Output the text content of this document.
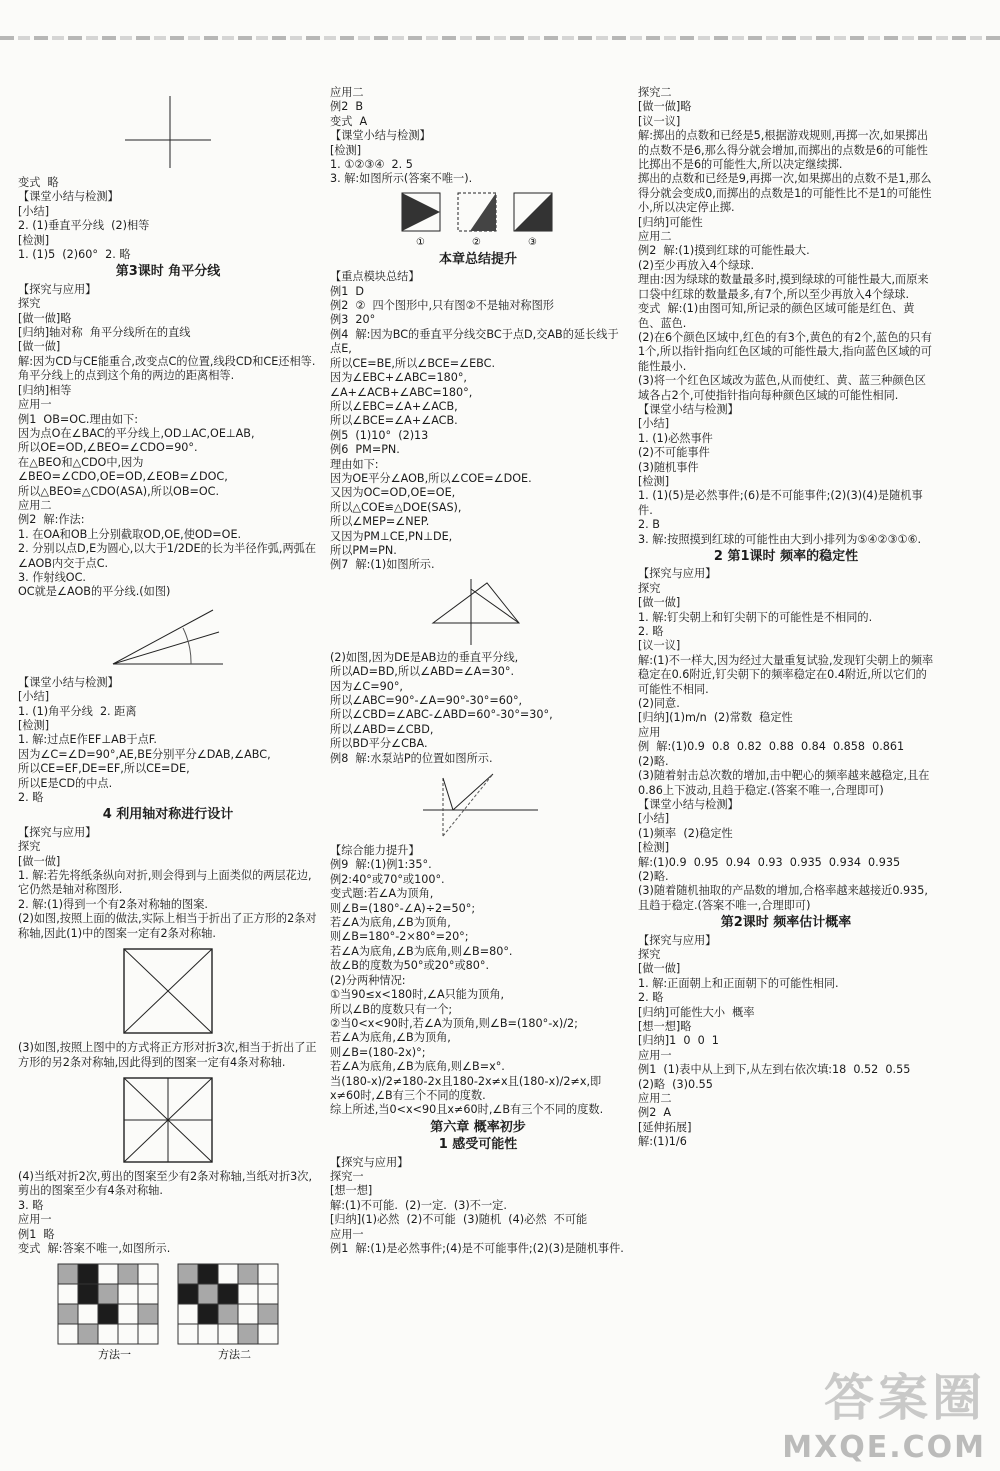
变式  略
【课堂小结与检测】
[小结]
2. (1)垂直平分线  (2)相等
[检测]
1. (1)5  (2)60°  2. 略
第3课时 角平分线
【探究与应用】
探究
[做一做]略
[归纳]轴对称  角平分线所在的直线
[做一做]
解:因为CD与CE能重合,改变点C的位置,线段CD和CE还相等.
角平分线上的点到这个角的两边的距离相等.
[归纳]相等
应用一
例1  OB=OC.理由如下:
因为点O在∠BAC的平分线上,OD⊥AC,OE⊥AB,
所以OE=OD,∠BEO=∠CDO=90°.
在△BEO和△CDO中,因为∠BEO=∠CDO,OE=OD,∠EOB=∠DOC,
所以△BEO≌△CDO(ASA),所以OB=OC.
应用二
例2  解:作法:
1. 在OA和OB上分别截取OD,OE,使OD=OE.
2. 分别以点D,E为圆心,以大于1/2DE的长为半径作弧,两弧在∠AOB内交于点C.
3. 作射线OC.
OC就是∠AOB的平分线.(如图)
【课堂小结与检测】
[小结]
1. (1)角平分线  2. 距离
[检测]
1. 解:过点E作EF⊥AB于点F.
因为∠C=∠D=90°,AE,BE分别平分∠DAB,∠ABC,
所以CE=EF,DE=EF,所以CE=DE,
所以E是CD的中点.
2. 略
4 利用轴对称进行设计
【探究与应用】
探究
[做一做]
1. 解:若先将纸条纵向对折,则会得到与上面类似的两层花边,它仍然是轴对称图形.
2. 解:(1)得到一个有2条对称轴的图案.
(2)如图,按照上面的做法,实际上相当于折出了正方形的2条对称轴,因此(1)中的图案一定有2条对称轴.
(3)如图,按照上图中的方式将正方形对折3次,相当于折出了正方形的另2条对称轴,因此得到的图案一定有4条对称轴.
(4)当纸对折2次,剪出的图案至少有2条对称轴,当纸对折3次,剪出的图案至少有4条对称轴.
3. 略
应用一
例1  略
变式  解:答案不唯一,如图所示.
方法一	方法二
应用二
例2  B
变式  A
【课堂小结与检测】
[检测]
1. ①②③④  2. 5
3. 解:如图所示(答案不唯一).
①	②	③
本章总结提升
【重点模块总结】
例1  D
例2  ②  四个图形中,只有图②不是轴对称图形
例3  20°
例4  解:因为BC的垂直平分线交BC于点D,交AB的延长线于点E,
所以CE=BE,所以∠BCE=∠EBC.
因为∠EBC+∠ABC=180°,
∠A+∠ACB+∠ABC=180°,
所以∠EBC=∠A+∠ACB,
所以∠BCE=∠A+∠ACB.
例5  (1)10°  (2)13
例6  PM=PN.
理由如下:
因为OE平分∠AOB,所以∠COE=∠DOE.
又因为OC=OD,OE=OE,
所以△COE≌△DOE(SAS),
所以∠MEP=∠NEP.
又因为PM⊥CE,PN⊥DE,
所以PM=PN.
例7  解:(1)如图所示.
(2)如图,因为DE是AB边的垂直平分线,
所以AD=BD,所以∠ABD=∠A=30°.
因为∠C=90°,
所以∠ABC=90°-∠A=90°-30°=60°,
所以∠CBD=∠ABC-∠ABD=60°-30°=30°,
所以∠ABD=∠CBD,
所以BD平分∠CBA.
例8  解:水泵站P的位置如图所示.
【综合能力提升】
例9  解:(1)例1:35°.
例2:40°或70°或100°.
变式题:若∠A为顶角,
则∠B=(180°-∠A)÷2=50°;
若∠A为底角,∠B为顶角,
则∠B=180°-2×80°=20°;
若∠A为底角,∠B为底角,则∠B=80°.
故∠B的度数为50°或20°或80°.
(2)分两种情况:
①当90≤x<180时,∠A只能为顶角,
所以∠B的度数只有一个;
②当0<x<90时,若∠A为顶角,则∠B=(180°-x)/2;
若∠A为底角,∠B为顶角,
则∠B=(180-2x)°;
若∠A为底角,∠B为底角,则∠B=x°.
当(180-x)/2≠180-2x且180-2x≠x且(180-x)/2≠x,即x≠60时,∠B有三个不同的度数.
综上所述,当0<x<90且x≠60时,∠B有三个不同的度数.
第六章 概率初步
1 感受可能性
【探究与应用】
探究一
[想一想]
解:(1)不可能.  (2)一定.  (3)不一定.
[归纳](1)必然  (2)不可能  (3)随机  (4)必然  不可能
应用一
例1  解:(1)是必然事件;(4)是不可能事件;(2)(3)是随机事件.
探究二
[做一做]略
[议一议]
解:掷出的点数和已经是5,根据游戏规则,再掷一次,如果掷出的点数不是6,那么得分就会增加,而掷出的点数是6的可能性比掷出不是6的可能性大,所以决定继续掷.
掷出的点数和已经是9,再掷一次,如果掷出的点数不是1,那么得分就会变成0,而掷出的点数是1的可能性比不是1的可能性小,所以决定停止掷.
[归纳]可能性
应用二
例2  解:(1)摸到红球的可能性最大.
(2)至少再放入4个绿球.
理由:因为绿球的数量最多时,摸到绿球的可能性最大,而原来口袋中红球的数量最多,有7个,所以至少再放入4个绿球.
变式  解:(1)由图可知,所记录的颜色区域可能是红色、黄色、蓝色.
(2)在6个颜色区域中,红色的有3个,黄色的有2个,蓝色的只有1个,所以指针指向红色区域的可能性最大,指向蓝色区域的可能性最小.
(3)将一个红色区域改为蓝色,从而使红、黄、蓝三种颜色区域各占2个,可使指针指向每种颜色区域的可能性相同.
【课堂小结与检测】
[小结]
1. (1)必然事件
(2)不可能事件
(3)随机事件
[检测]
1. (1)(5)是必然事件;(6)是不可能事件;(2)(3)(4)是随机事件.
2. B
3. 解:按照摸到红球的可能性由大到小排列为⑤④②③①⑥.
2 第1课时 频率的稳定性
【探究与应用】
探究
[做一做]
1. 解:钉尖朝上和钉尖朝下的可能性是不相同的.
2. 略
[议一议]
解:(1)不一样大,因为经过大量重复试验,发现钉尖朝上的频率稳定在0.6附近,钉尖朝下的频率稳定在0.4附近,所以它们的可能性不相同.
(2)同意.
[归纳](1)m/n  (2)常数  稳定性
应用
例  解:(1)0.9  0.8  0.82  0.88  0.84  0.858  0.861
(2)略.
(3)随着射击总次数的增加,击中靶心的频率越来越稳定,且在0.86上下波动,且趋于稳定.(答案不唯一,合理即可)
【课堂小结与检测】
[小结]
(1)频率  (2)稳定性
[检测]
解:(1)0.9  0.95  0.94  0.93  0.935  0.934  0.935
(2)略.
(3)随着随机抽取的产品数的增加,合格率越来越接近0.935,且趋于稳定.(答案不唯一,合理即可)
第2课时 频率估计概率
【探究与应用】
探究
[做一做]
1. 解:正面朝上和正面朝下的可能性相同.
2. 略
[归纳]可能性大小  概率
[想一想]略
[归纳]1  0  0  1
应用一
例1  (1)表中从上到下,从左到右依次填:18  0.52  0.55
(2)略  (3)0.55
应用二
例2  A
[延伸拓展]
解:(1)1/6
答案圈
MXQE.COM
